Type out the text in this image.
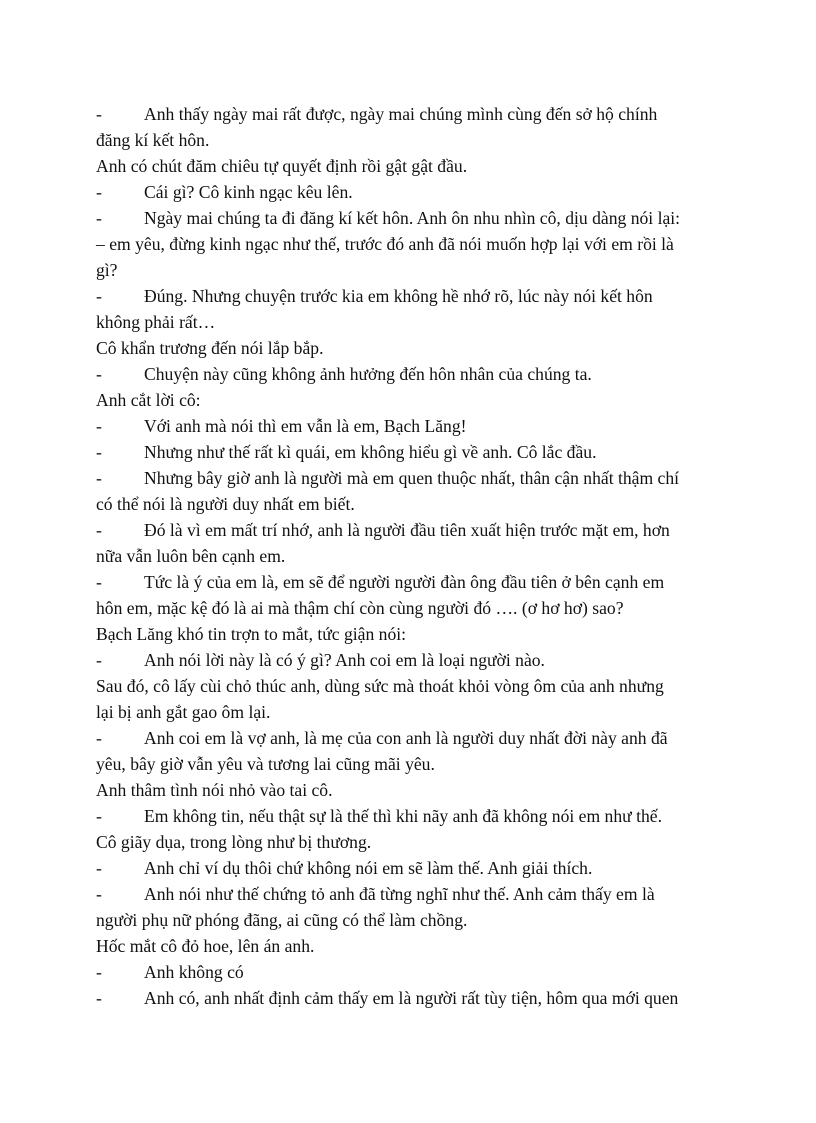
- Anh thấy ngày mai rất được, ngày mai chúng mình cùng đến sở hộ chính
đăng kí kết hôn.
Anh có chút đăm chiêu tự quyết định rồi gật gật đầu.
- Cái gì? Cô kinh ngạc kêu lên.
- Ngày mai chúng ta đi đăng kí kết hôn. Anh ôn nhu nhìn cô, dịu dàng nói lại:
– em yêu, đừng kinh ngạc như thế, trước đó anh đã nói muốn hợp lại với em rồi là
gì?
- Đúng. Nhưng chuyện trước kia em không hề nhớ rõ, lúc này nói kết hôn
không phải rất…
Cô khẩn trương đến nói lắp bắp.
- Chuyện này cũng không ảnh hưởng đến hôn nhân của chúng ta.
Anh cắt lời cô:
- Với anh mà nói thì em vẫn là em, Bạch Lăng!
- Nhưng như thế rất kì quái, em không hiểu gì về anh. Cô lắc đầu.
- Nhưng bây giờ anh là người mà em quen thuộc nhất, thân cận nhất thậm chí
có thể nói là người duy nhất em biết.
- Đó là vì em mất trí nhớ, anh là người đầu tiên xuất hiện trước mặt em, hơn
nữa vẫn luôn bên cạnh em.
- Tức là ý của em là, em sẽ để người người đàn ông đầu tiên ở bên cạnh em
hôn em, mặc kệ đó là ai mà thậm chí còn cùng người đó …. (ơ hơ hơ) sao?
Bạch Lăng khó tin trợn to mắt, tức giận nói:
- Anh nói lời này là có ý gì? Anh coi em là loại người nào.
Sau đó, cô lấy cùi chỏ thúc anh, dùng sức mà thoát khỏi vòng ôm của anh nhưng
lại bị anh gắt gao ôm lại.
- Anh coi em là vợ anh, là mẹ của con anh là người duy nhất đời này anh đã
yêu, bây giờ vẫn yêu và tương lai cũng mãi yêu.
Anh thâm tình nói nhỏ vào tai cô.
- Em không tin, nếu thật sự là thế thì khi nãy anh đã không nói em như thế.
Cô giãy dụa, trong lòng như bị thương.
- Anh chỉ ví dụ thôi chứ không nói em sẽ làm thế. Anh giải thích.
- Anh nói như thế chứng tỏ anh đã từng nghĩ như thế. Anh cảm thấy em là
người phụ nữ phóng đãng, ai cũng có thể làm chồng.
Hốc mắt cô đỏ hoe, lên án anh.
- Anh không có
- Anh có, anh nhất định cảm thấy em là người rất tùy tiện, hôm qua mới quen
